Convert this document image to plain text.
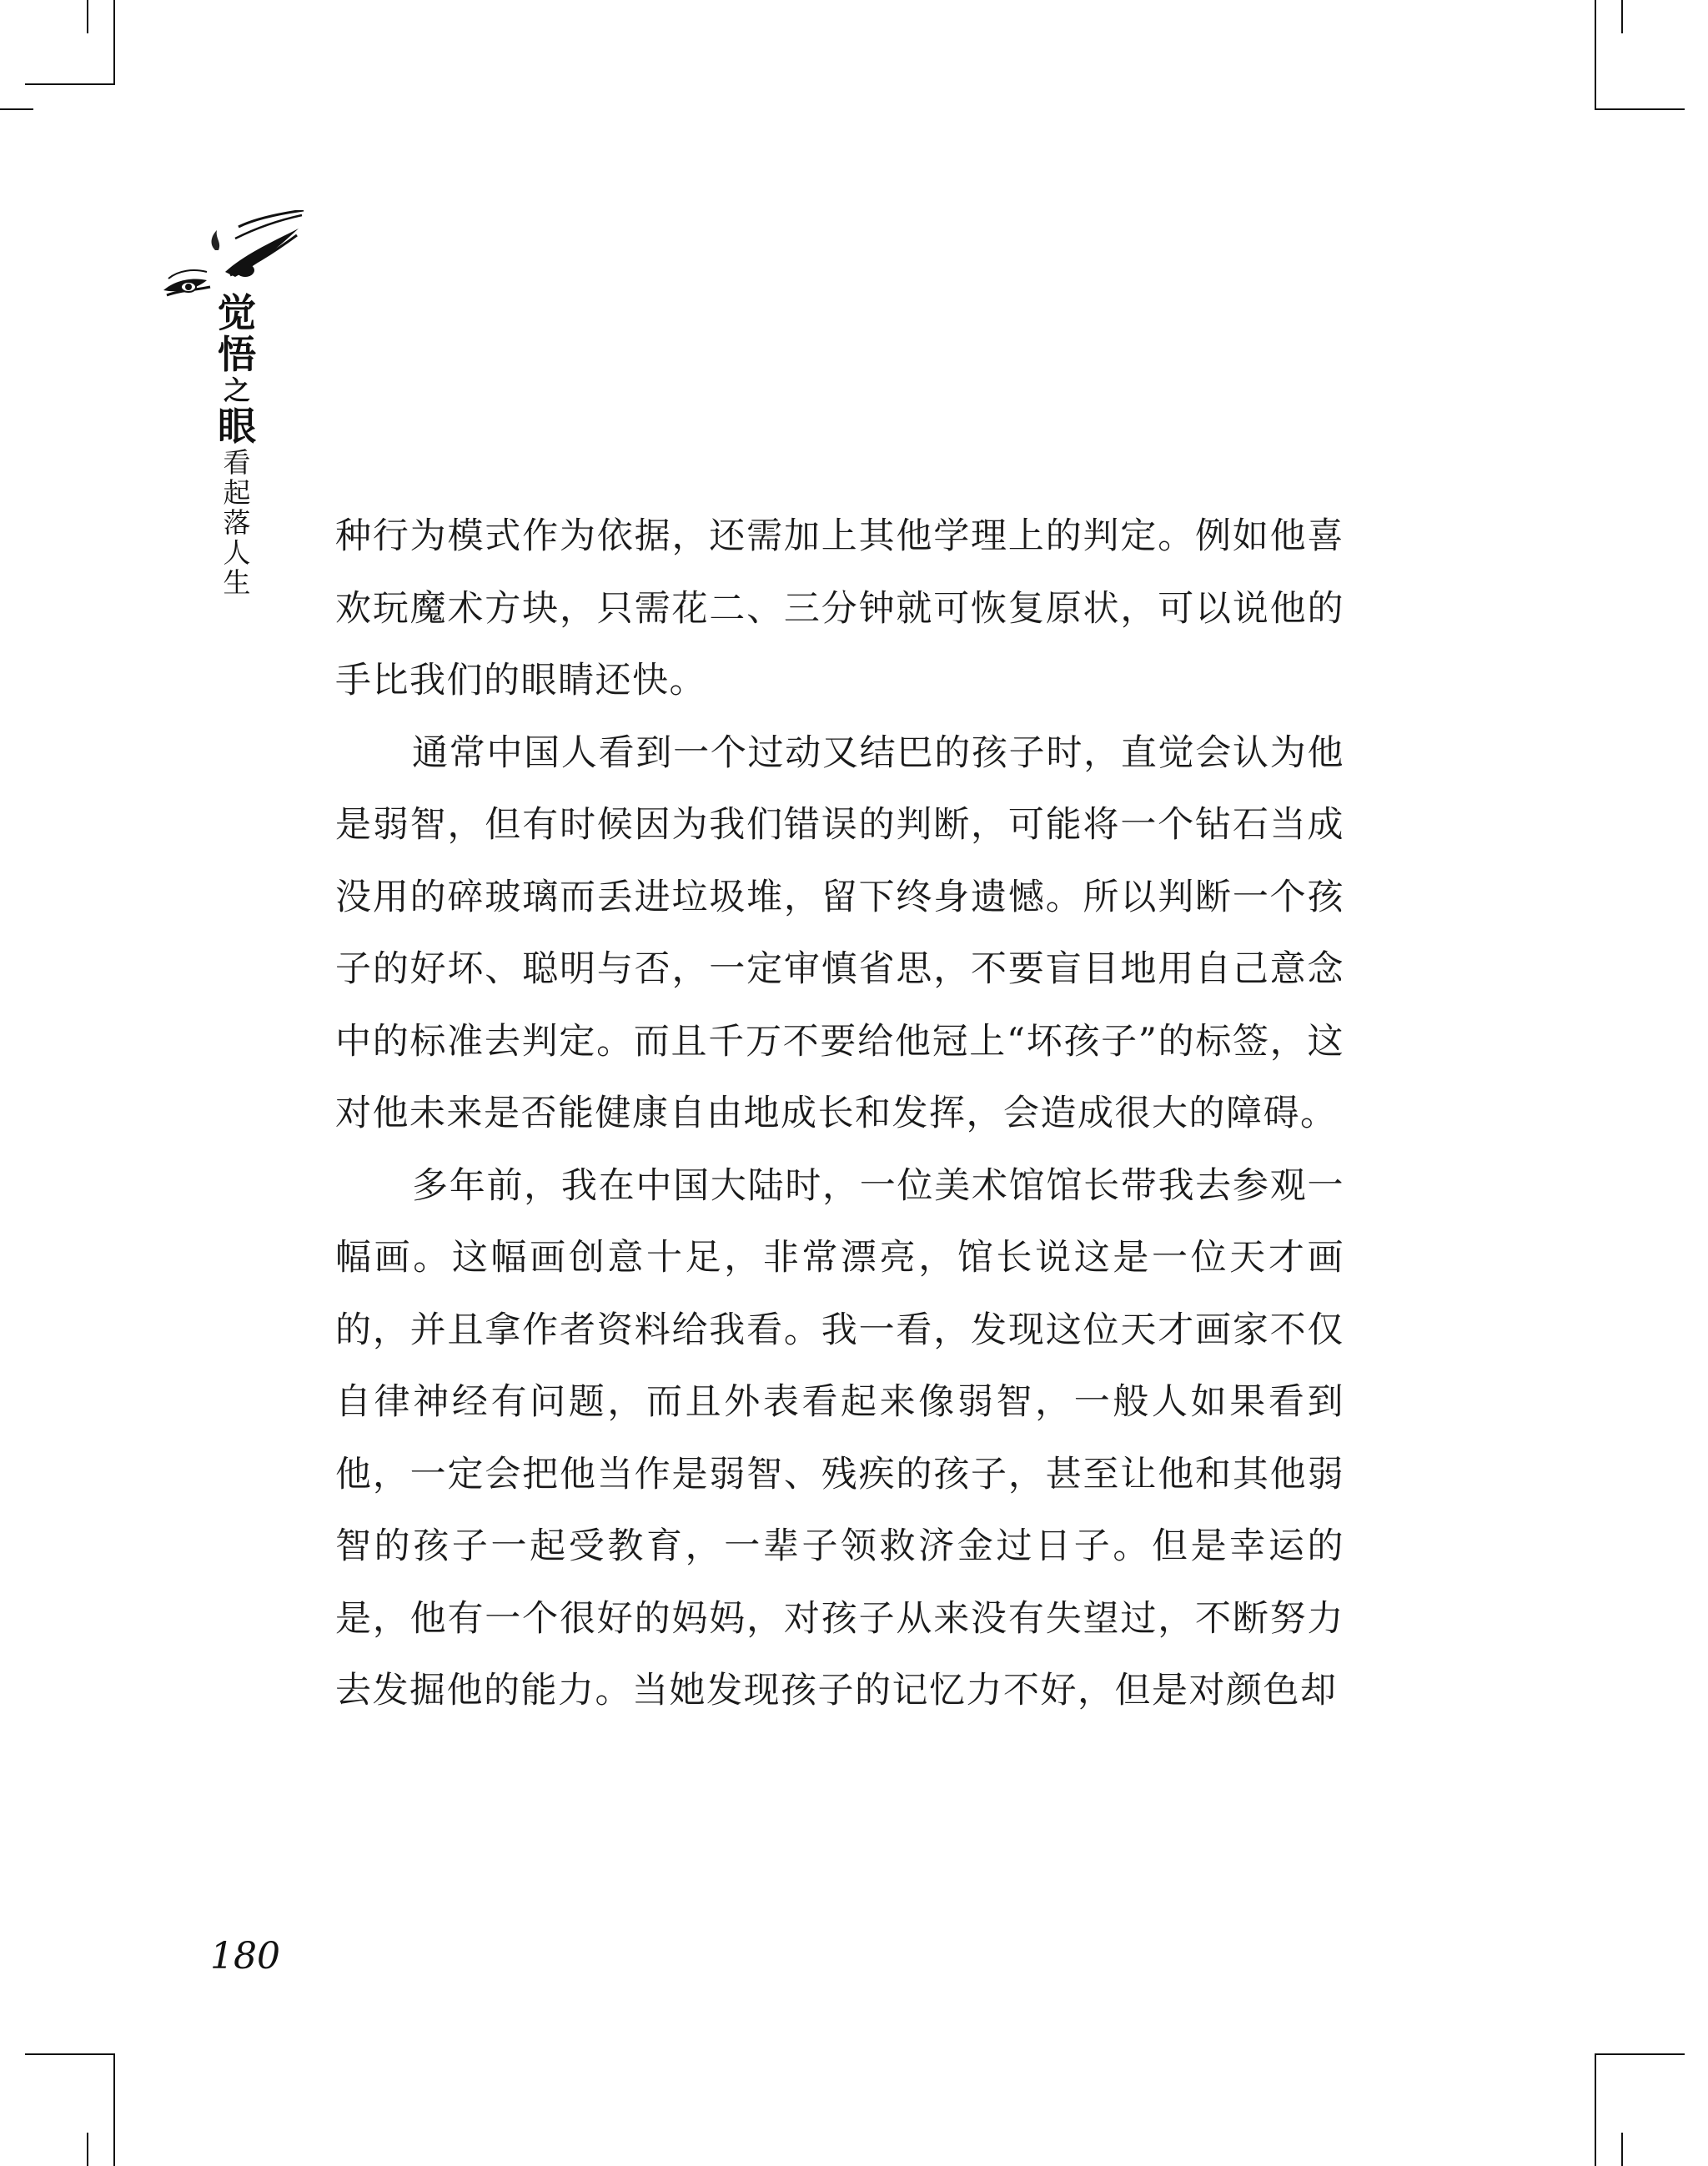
觉
悟
之
眼
看
起
落
人
生

种行为模式作为依据，还需加上其他学理上的判定。例如他喜欢玩魔术方块，只需花二、三分钟就可恢复原状，可以说他的手比我们的眼睛还快。

通常中国人看到一个过动又结巴的孩子时，直觉会认为他是弱智，但有时候因为我们错误的判断，可能将一个钻石当成没用的碎玻璃而丢进垃圾堆，留下终身遗憾。所以判断一个孩子的好坏、聪明与否，一定审慎省思，不要盲目地用自己意念中的标准去判定。而且千万不要给他冠上“坏孩子”的标签，这对他未来是否能健康自由地成长和发挥，会造成很大的障碍。

多年前，我在中国大陆时，一位美术馆馆长带我去参观一幅画。这幅画创意十足，非常漂亮，馆长说这是一位天才画的，并且拿作者资料给我看。我一看，发现这位天才画家不仅自律神经有问题，而且外表看起来像弱智，一般人如果看到他，一定会把他当作是弱智、残疾的孩子，甚至让他和其他弱智的孩子一起受教育，一辈子领救济金过日子。但是幸运的是，他有一个很好的妈妈，对孩子从来没有失望过，不断努力去发掘他的能力。当她发现孩子的记忆力不好，但是对颜色却

180
